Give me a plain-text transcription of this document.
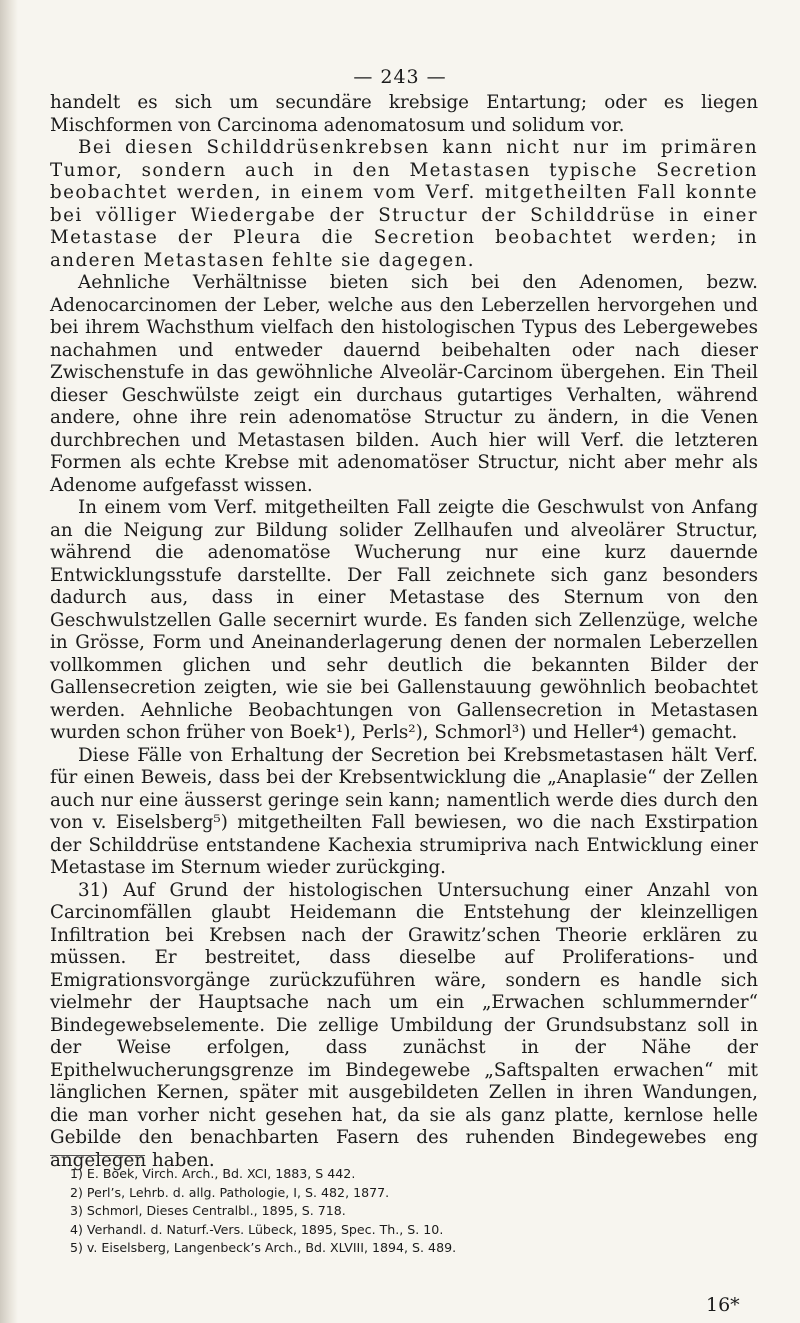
— 243 —

handelt es sich um secundäre krebsige Entartung; oder es liegen Mischformen von Carcinoma adenomatosum und solidum vor.

Bei diesen Schilddrüsenkrebsen kann nicht nur im primären Tumor, sondern auch in den Metastasen typische Secretion beobachtet werden, in einem vom Verf. mitgetheilten Fall konnte bei völliger Wiedergabe der Structur der Schilddrüse in einer Metastase der Pleura die Secretion beobachtet werden; in anderen Metastasen fehlte sie dagegen.

Aehnliche Verhältnisse bieten sich bei den Adenomen, bezw. Adenocarcinomen der Leber, welche aus den Leberzellen hervorgehen und bei ihrem Wachsthum vielfach den histologischen Typus des Lebergewebes nachahmen und entweder dauernd beibehalten oder nach dieser Zwischenstufe in das gewöhnliche Alveolär-Carcinom übergehen. Ein Theil dieser Geschwülste zeigt ein durchaus gutartiges Verhalten, während andere, ohne ihre rein adenomatöse Structur zu ändern, in die Venen durchbrechen und Metastasen bilden. Auch hier will Verf. die letzteren Formen als echte Krebse mit adenomatöser Structur, nicht aber mehr als Adenome aufgefasst wissen.

In einem vom Verf. mitgetheilten Fall zeigte die Geschwulst von Anfang an die Neigung zur Bildung solider Zellhaufen und alveolärer Structur, während die adenomatöse Wucherung nur eine kurz dauernde Entwicklungsstufe darstellte. Der Fall zeichnete sich ganz besonders dadurch aus, dass in einer Metastase des Sternum von den Geschwulstzellen Galle secernirt wurde. Es fanden sich Zellenzüge, welche in Grösse, Form und Aneinanderlagerung denen der normalen Leberzellen vollkommen glichen und sehr deutlich die bekannten Bilder der Gallensecretion zeigten, wie sie bei Gallenstauung gewöhnlich beobachtet werden. Aehnliche Beobachtungen von Gallensecretion in Metastasen wurden schon früher von Boek¹), Perls²), Schmorl³) und Heller⁴) gemacht.

Diese Fälle von Erhaltung der Secretion bei Krebsmetastasen hält Verf. für einen Beweis, dass bei der Krebsentwicklung die „Anaplasie“ der Zellen auch nur eine äusserst geringe sein kann; namentlich werde dies durch den von v. Eiselsberg⁵) mitgetheilten Fall bewiesen, wo die nach Exstirpation der Schilddrüse entstandene Kachexia strumipriva nach Entwicklung einer Metastase im Sternum wieder zurückging.

31) Auf Grund der histologischen Untersuchung einer Anzahl von Carcinomfällen glaubt Heidemann die Entstehung der kleinzelligen Infiltration bei Krebsen nach der Grawitz’schen Theorie erklären zu müssen. Er bestreitet, dass dieselbe auf Proliferations- und Emigrationsvorgänge zurückzuführen wäre, sondern es handle sich vielmehr der Hauptsache nach um ein „Erwachen schlummernder“ Bindegewebselemente. Die zellige Umbildung der Grundsubstanz soll in der Weise erfolgen, dass zunächst in der Nähe der Epithelwucherungsgrenze im Bindegewebe „Saftspalten erwachen“ mit länglichen Kernen, später mit ausgebildeten Zellen in ihren Wandungen, die man vorher nicht gesehen hat, da sie als ganz platte, kernlose helle Gebilde den benachbarten Fasern des ruhenden Bindegewebes eng angelegen haben.

1) E. Boek, Virch. Arch., Bd. XCI, 1883, S 442.
2) Perl’s, Lehrb. d. allg. Pathologie, I, S. 482, 1877.
3) Schmorl, Dieses Centralbl., 1895, S. 718.
4) Verhandl. d. Naturf.-Vers. Lübeck, 1895, Spec. Th., S. 10.
5) v. Eiselsberg, Langenbeck’s Arch., Bd. XLVIII, 1894, S. 489.
16*
